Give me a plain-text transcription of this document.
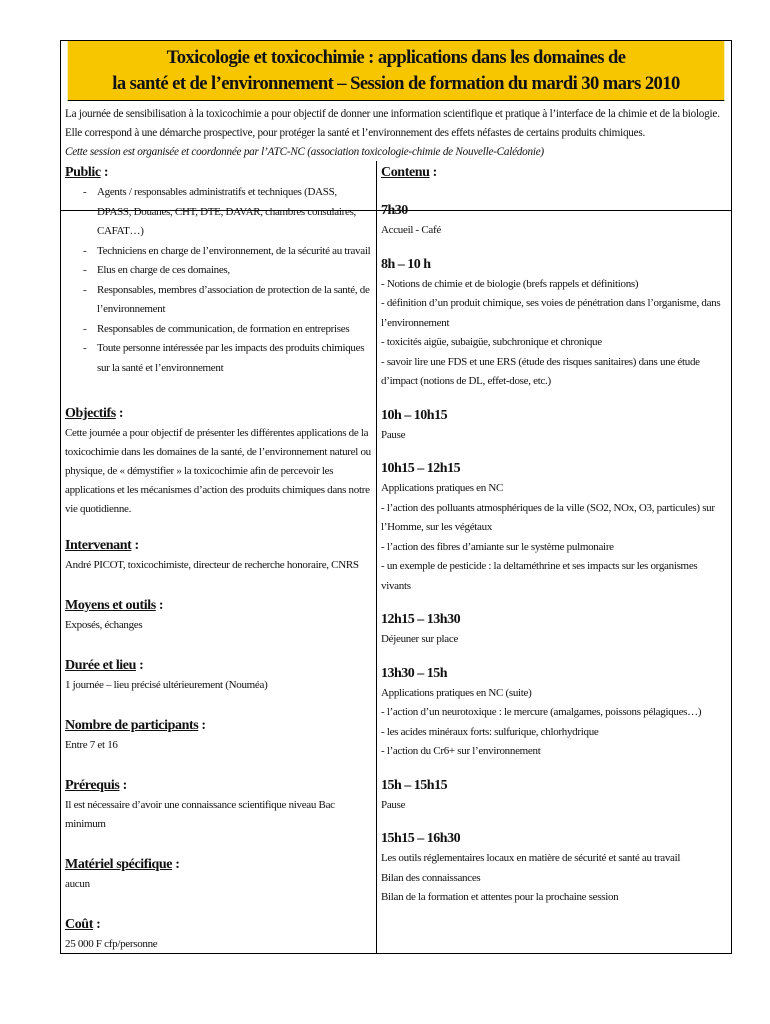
Toxicologie et toxicochimie : applications dans les domaines de
la santé et de l’environnement – Session de formation du mardi 30 mars 2010
La journée de sensibilisation à la toxicochimie a pour objectif de donner une information scientifique et pratique à l’interface de la chimie et de la biologie.
Elle correspond à une démarche prospective, pour protéger la santé et l’environnement des effets néfastes de certains produits chimiques.
Cette session est organisée et coordonnée par l’ATC-NC (association toxicologie-chimie de Nouvelle-Calédonie)
Public :
- Agents / responsables administratifs et techniques (DASS, DPASS, Douanes, CHT, DTE, DAVAR, chambres consulaires, CAFAT…)
- Techniciens en charge de l’environnement, de la sécurité au travail
- Elus en charge de ces domaines,
- Responsables, membres d’association de protection de la santé, de l’environnement
- Responsables de communication, de formation en entreprises
- Toute personne intéressée par les impacts des produits chimiques sur la santé et l’environnement
Objectifs :
Cette journée a pour objectif de présenter les différentes applications de la toxicochimie dans les domaines de la santé, de l’environnement naturel ou physique, de « démystifier » la toxicochimie afin de percevoir les applications et les mécanismes d’action des produits chimiques dans notre vie quotidienne.
Intervenant :
André PICOT, toxicochimiste, directeur de recherche honoraire, CNRS
Moyens et outils :
Exposés, échanges
Durée et lieu :
1 journée – lieu précisé ultérieurement (Nouméa)
Nombre de participants :
Entre 7 et 16
Prérequis :
Il est nécessaire d’avoir une connaissance scientifique niveau Bac minimum
Matériel spécifique :
aucun
Coût :
25 000 F cfp/personne
Contenu :
7h30
Accueil - Café
8h – 10 h
- Notions de chimie et de biologie (brefs rappels et définitions)
- définition d’un produit chimique, ses voies de pénétration dans l’organisme, dans l’environnement
- toxicités aigüe, subaigüe, subchronique et chronique
- savoir lire une FDS et une ERS (étude des risques sanitaires) dans une étude d’impact (notions de DL, effet-dose, etc.)
10h – 10h15
Pause
10h15 – 12h15
Applications pratiques en NC
- l’action des polluants atmosphériques de la ville (SO2, NOx, O3, particules) sur l’Homme, sur les végétaux
- l’action des fibres d’amiante sur le système pulmonaire
- un exemple de pesticide : la deltaméthrine et ses impacts sur les organismes vivants
12h15 – 13h30
Déjeuner sur place
13h30 – 15h
Applications pratiques en NC (suite)
- l’action d’un neurotoxique : le mercure (amalgames, poissons pélagiques…)
- les acides minéraux forts: sulfurique, chlorhydrique
- l’action du Cr6+ sur l’environnement
15h – 15h15
Pause
15h15 – 16h30
Les outils réglementaires locaux en matière de sécurité et santé au travail
Bilan des connaissances
Bilan de la formation et attentes pour la prochaine session
